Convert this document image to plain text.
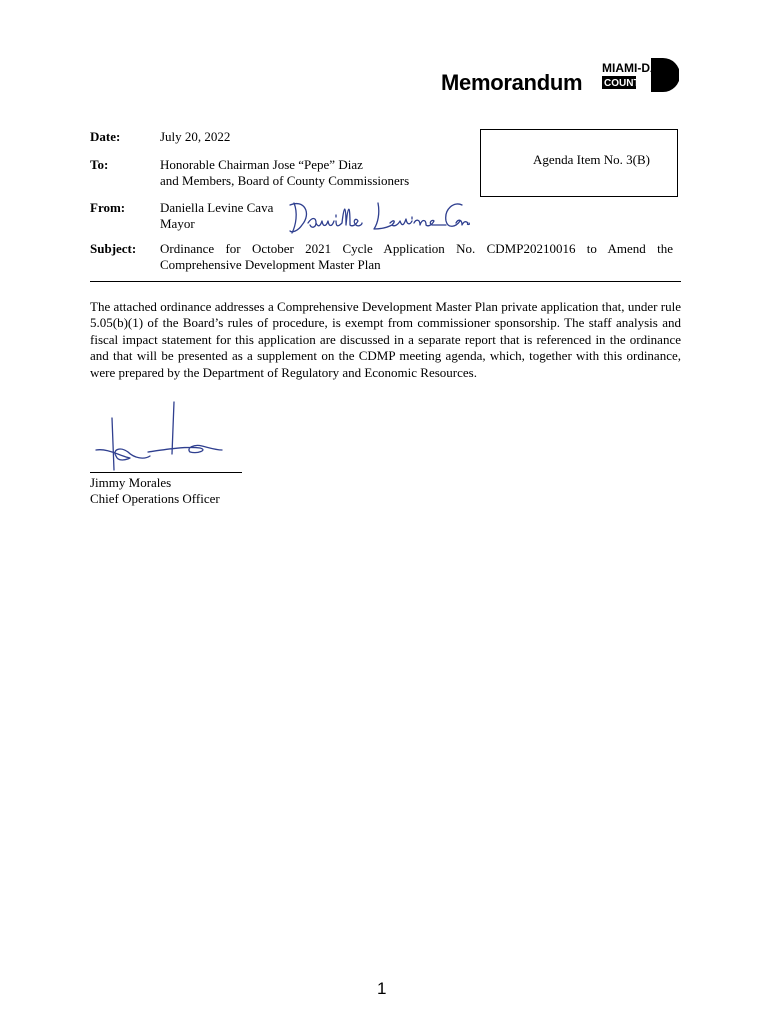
Memorandum
MIAMI-DADE
COUNTY
Date:	July 20, 2022
To:	Honorable Chairman Jose “Pepe” Diaz
and Members, Board of County Commissioners
From:	Daniella Levine Cava
Mayor
Subject:	Ordinance for October 2021 Cycle Application No. CDMP20210016 to Amend the
Comprehensive Development Master Plan
Agenda Item No. 3(B)
The attached ordinance addresses a Comprehensive Development Master Plan private application that, under rule 5.05(b)(1) of the Board’s rules of procedure, is exempt from commissioner sponsorship. The staff analysis and fiscal impact statement for this application are discussed in a separate report that is referenced in the ordinance and that will be presented as a supplement on the CDMP meeting agenda, which, together with this ordinance, were prepared by the Department of Regulatory and Economic Resources.
Jimmy Morales
Chief Operations Officer
1
